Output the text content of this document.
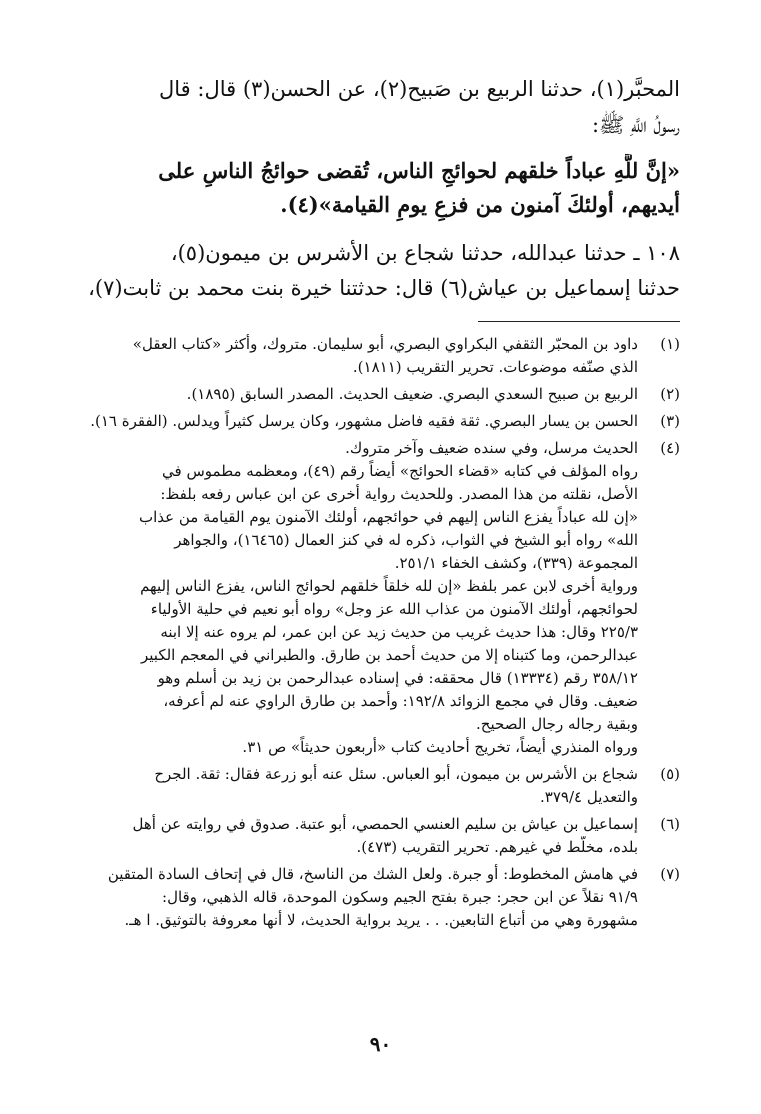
المحبَّر(١)، حدثنا الربيع بن صَبيح(٢)، عن الحسن(٣) قال: قال
رسولُ اللَّهِ ﷺ:
«إنَّ للَّهِ عباداً خلقهم لحوائجِ الناس، تُقضى حوائجُ الناسِ على
أيديهم، أولئكَ آمنون من فزعِ يومِ القيامة»(٤).
١٠٨ ـ حدثنا عبدالله، حدثنا شجاع بن الأشرس بن ميمون(٥)،
حدثنا إسماعيل بن عياش(٦) قال: حدثتنا خيرة بنت محمد بن ثابت(٧)،
(١)
داود بن المحبّر الثقفي البكراوي البصري، أبو سليمان. متروك، وأكثر «كتاب العقل»
الذي صنّفه موضوعات. تحرير التقريب (١٨١١).
(٢)
الربيع بن صبيح السعدي البصري. ضعيف الحديث. المصدر السابق (١٨٩٥).
(٣)
الحسن بن يسار البصري. ثقة فقيه فاضل مشهور، وكان يرسل كثيراً ويدلس. (الفقرة ١٦).
(٤)
الحديث مرسل، وفي سنده ضعيف وآخر متروك.
رواه المؤلف في كتابه «قضاء الحوائج» أيضاً رقم (٤٩)، ومعظمه مطموس في
الأصل، نقلته من هذا المصدر. وللحديث رواية أخرى عن ابن عباس رفعه بلفظ:
«إن لله عباداً يفزع الناس إليهم في حوائجهم، أولئك الآمنون يوم القيامة من عذاب
الله» رواه أبو الشيخ في الثواب، ذكره له في كنز العمال (١٦٤٦٥)، والجواهر
المجموعة (٣٣٩)، وكشف الخفاء ٢٥١/١.
ورواية أخرى لابن عمر بلفظ «إن لله خلقاً خلقهم لحوائج الناس، يفزع الناس إليهم
لحوائجهم، أولئك الآمنون من عذاب الله عز وجل» رواه أبو نعيم في حلية الأولياء
٢٢٥/٣ وقال: هذا حديث غريب من حديث زيد عن ابن عمر، لم يروه عنه إلا ابنه
عبدالرحمن، وما كتبناه إلا من حديث أحمد بن طارق. والطبراني في المعجم الكبير
٣٥٨/١٢ رقم (١٣٣٣٤) قال محققه: في إسناده عبدالرحمن بن زيد بن أسلم وهو
ضعيف. وقال في مجمع الزوائد ١٩٢/٨: وأحمد بن طارق الراوي عنه لم أعرفه،
وبقية رجاله رجال الصحيح.
ورواه المنذري أيضاً، تخريج أحاديث كتاب «أربعون حديثاً» ص ٣١.
(٥)
شجاع بن الأشرس بن ميمون، أبو العباس. سئل عنه أبو زرعة فقال: ثقة. الجرح
والتعديل ٣٧٩/٤.
(٦)
إسماعيل بن عياش بن سليم العنسي الحمصي، أبو عتبة. صدوق في روايته عن أهل
بلده، مخلّط في غيرهم. تحرير التقريب (٤٧٣).
(٧)
في هامش المخطوط: أو جبرة. ولعل الشك من الناسخ، قال في إتحاف السادة المتقين
٩١/٩ نقلاً عن ابن حجر: جبرة بفتح الجيم وسكون الموحدة، قاله الذهبي، وقال:
مشهورة وهي من أتباع التابعين. . . يريد برواية الحديث، لا أنها معروفة بالتوثيق. ا هـ.
٩٠
